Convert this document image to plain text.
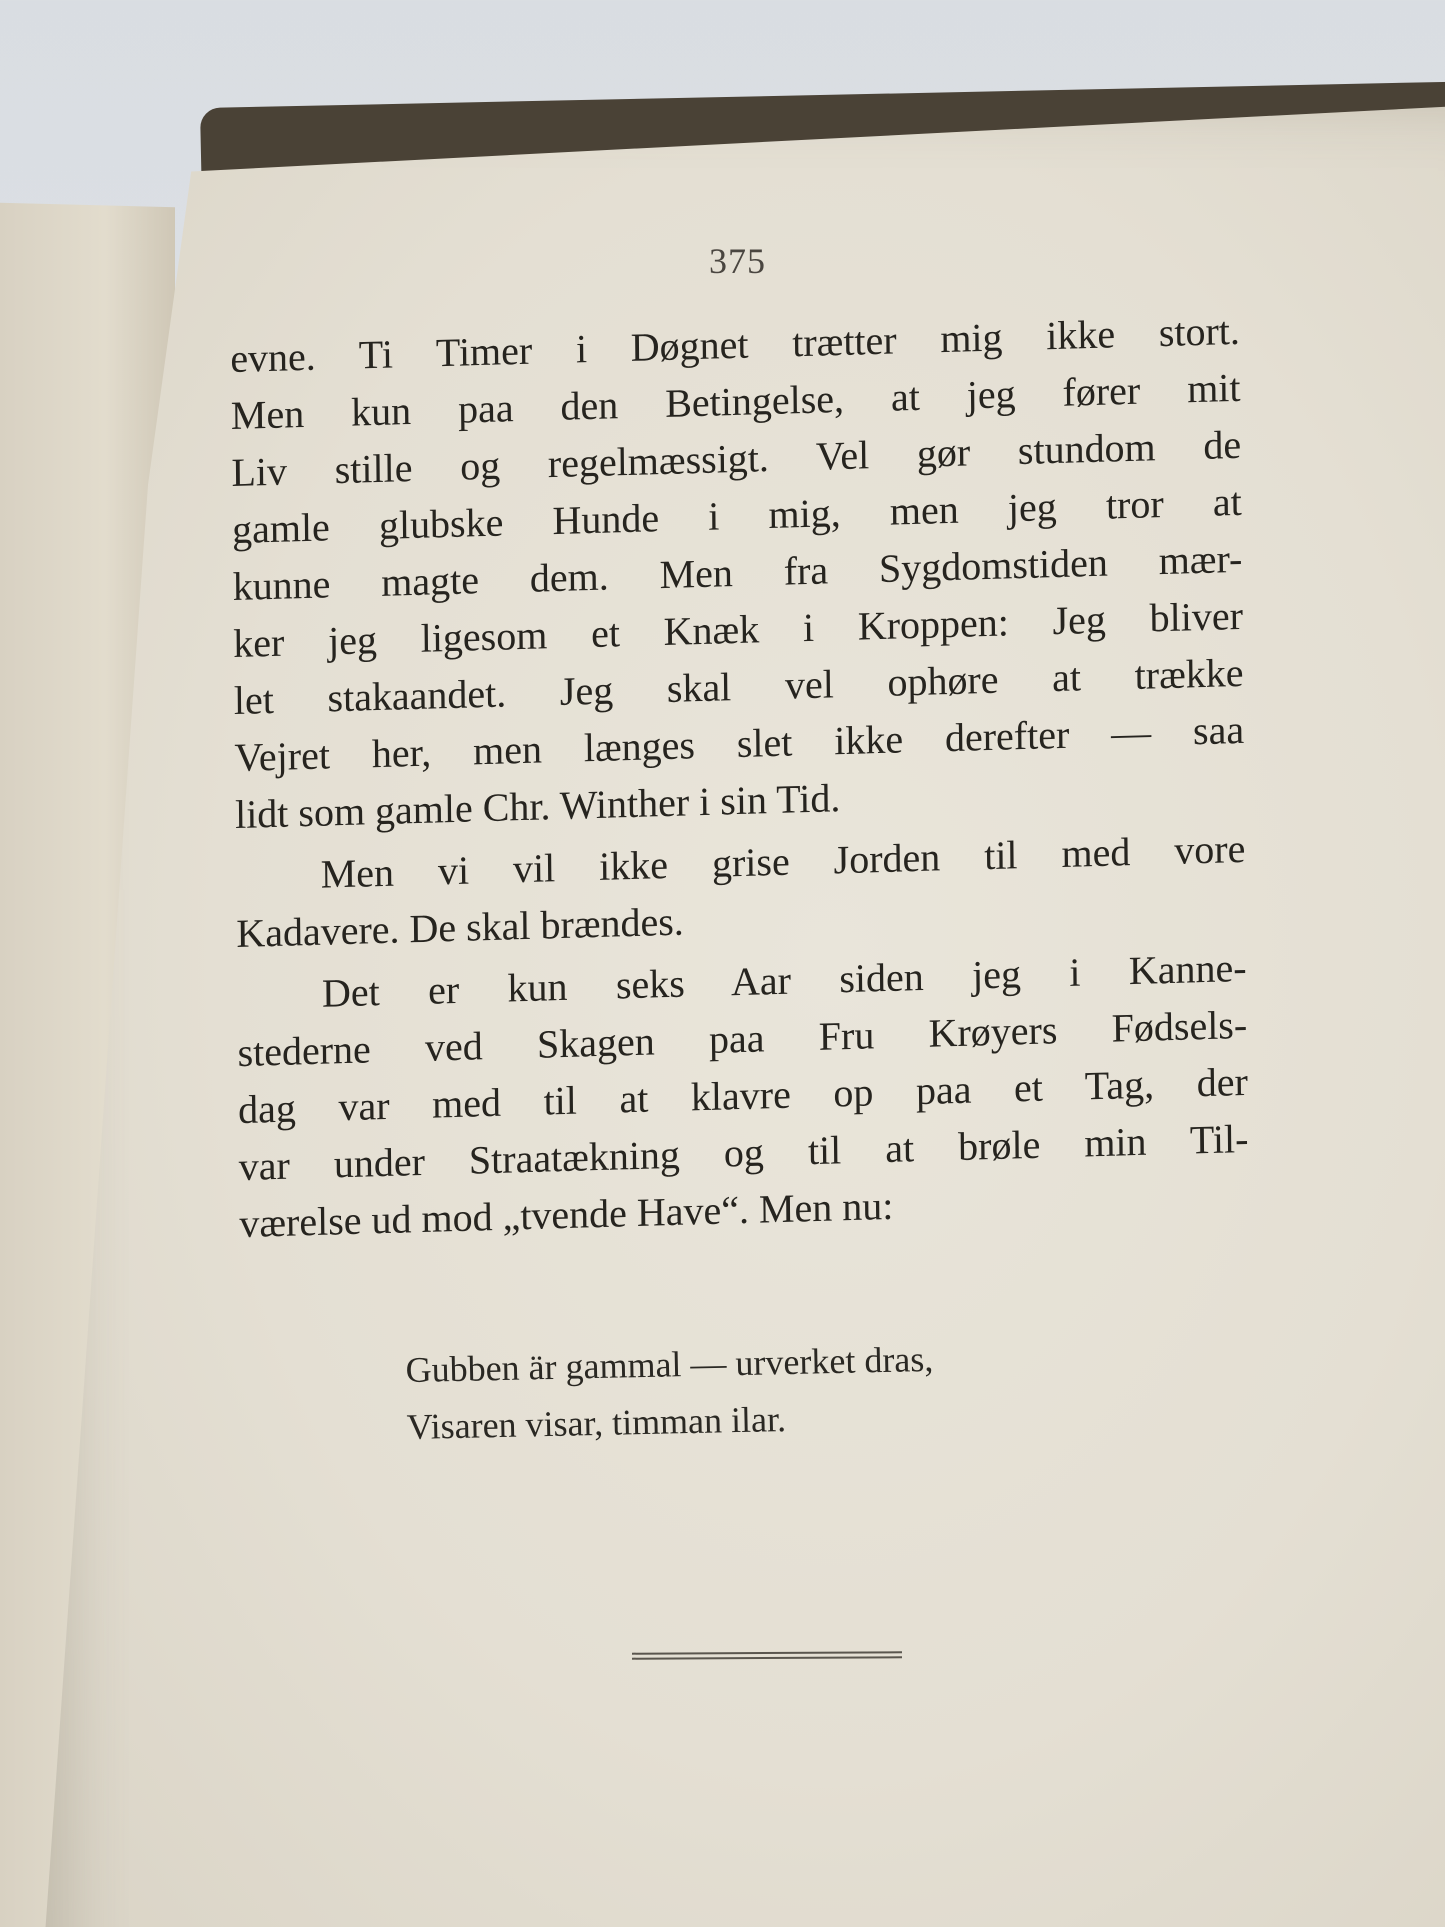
375
evne. Ti Timer i Døgnet trætter mig ikke stort.
Men kun paa den Betingelse, at jeg fører mit
Liv stille og regelmæssigt. Vel gør stundom de
gamle glubske Hunde i mig, men jeg tror at
kunne magte dem. Men fra Sygdomstiden mær-
ker jeg ligesom et Knæk i Kroppen: Jeg bliver
let stakaandet. Jeg skal vel ophøre at trække
Vejret her, men længes slet ikke derefter — saa
lidt som gamle Chr. Winther i sin Tid.
Men vi vil ikke grise Jorden til med vore
Kadavere. De skal brændes.
Det er kun seks Aar siden jeg i Kanne-
stederne ved Skagen paa Fru Krøyers Fødsels-
dag var med til at klavre op paa et Tag, der
var under Straatækning og til at brøle min Til-
værelse ud mod „tvende Have“. Men nu:
Gubben är gammal — urverket dras,
Visaren visar, timman ilar.
